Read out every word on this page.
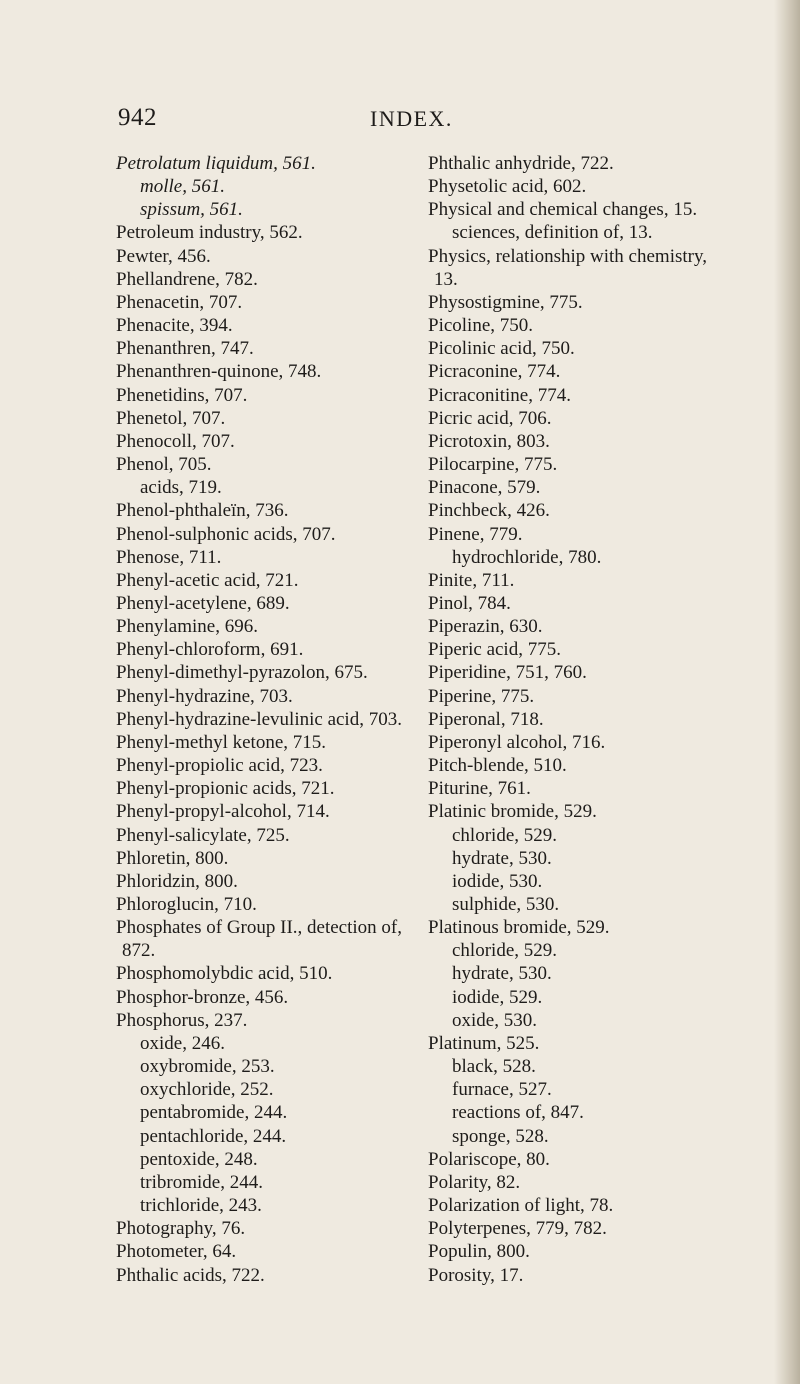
942	INDEX.
Petrolatum liquidum, 561.
molle, 561.
spissum, 561.
Petroleum industry, 562.
Pewter, 456.
Phellandrene, 782.
Phenacetin, 707.
Phenacite, 394.
Phenanthren, 747.
Phenanthren-quinone, 748.
Phenetidins, 707.
Phenetol, 707.
Phenocoll, 707.
Phenol, 705.
acids, 719.
Phenol-phthaleïn, 736.
Phenol-sulphonic acids, 707.
Phenose, 711.
Phenyl-acetic acid, 721.
Phenyl-acetylene, 689.
Phenylamine, 696.
Phenyl-chloroform, 691.
Phenyl-dimethyl-pyrazolon, 675.
Phenyl-hydrazine, 703.
Phenyl-hydrazine-levulinic acid, 703.
Phenyl-methyl ketone, 715.
Phenyl-propiolic acid, 723.
Phenyl-propionic acids, 721.
Phenyl-propyl-alcohol, 714.
Phenyl-salicylate, 725.
Phloretin, 800.
Phloridzin, 800.
Phloroglucin, 710.
Phosphates of Group II., detection of,
872.
Phosphomolybdic acid, 510.
Phosphor-bronze, 456.
Phosphorus, 237.
oxide, 246.
oxybromide, 253.
oxychloride, 252.
pentabromide, 244.
pentachloride, 244.
pentoxide, 248.
tribromide, 244.
trichloride, 243.
Photography, 76.
Photometer, 64.
Phthalic acids, 722.
Phthalic anhydride, 722.
Physetolic acid, 602.
Physical and chemical changes, 15.
sciences, definition of, 13.
Physics, relationship with chemistry,
13.
Physostigmine, 775.
Picoline, 750.
Picolinic acid, 750.
Picraconine, 774.
Picraconitine, 774.
Picric acid, 706.
Picrotoxin, 803.
Pilocarpine, 775.
Pinacone, 579.
Pinchbeck, 426.
Pinene, 779.
hydrochloride, 780.
Pinite, 711.
Pinol, 784.
Piperazin, 630.
Piperic acid, 775.
Piperidine, 751, 760.
Piperine, 775.
Piperonal, 718.
Piperonyl alcohol, 716.
Pitch-blende, 510.
Piturine, 761.
Platinic bromide, 529.
chloride, 529.
hydrate, 530.
iodide, 530.
sulphide, 530.
Platinous bromide, 529.
chloride, 529.
hydrate, 530.
iodide, 529.
oxide, 530.
Platinum, 525.
black, 528.
furnace, 527.
reactions of, 847.
sponge, 528.
Polariscope, 80.
Polarity, 82.
Polarization of light, 78.
Polyterpenes, 779, 782.
Populin, 800.
Porosity, 17.
